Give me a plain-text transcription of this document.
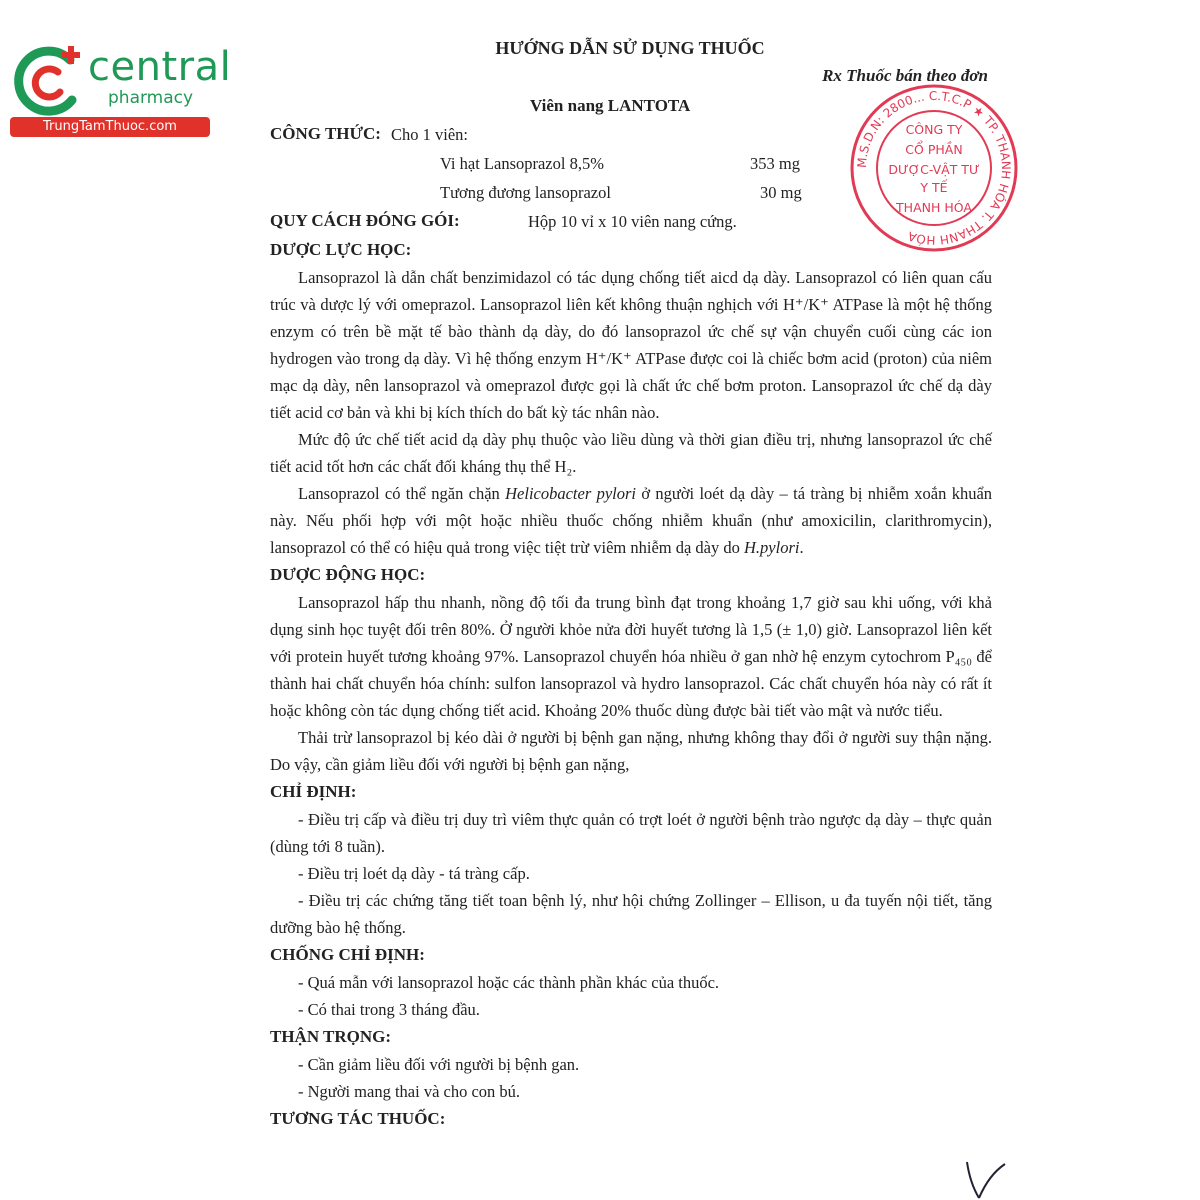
central
pharmacy
TrungTamThuoc.com
HƯỚNG DẪN SỬ DỤNG THUỐC
Rx Thuốc bán theo đơn
Viên nang LANTOTA
M.S.D.N: 2800... C.T.C.P ★ TP. THANH HÓA T. THANH HÓA
CÔNG TY
CỔ PHẦN
DƯỢC-VẬT TƯ
Y TẾ
THANH HÓA
CÔNG THỨC: Cho 1 viên:
Vi hạt Lansoprazol 8,5%	353 mg
Tương đương lansoprazol	30 mg
QUY CÁCH ĐÓNG GÓI:	Hộp 10 vỉ x 10 viên nang cứng.
DƯỢC LỰC HỌC:

Lansoprazol là dẫn chất benzimidazol có tác dụng chống tiết aicd dạ dày. Lansoprazol có liên quan cấu trúc và dược lý với omeprazol. Lansoprazol liên kết không thuận nghịch với H⁺/K⁺ ATPase là một hệ thống enzym có trên bề mặt tế bào thành dạ dày, do đó lansoprazol ức chế sự vận chuyển cuối cùng các ion hydrogen vào trong dạ dày. Vì hệ thống enzym H⁺/K⁺ ATPase được coi là chiếc bơm acid (proton) của niêm mạc dạ dày, nên lansoprazol và omeprazol được gọi là chất ức chế bơm proton. Lansoprazol ức chế dạ dày tiết acid cơ bản và khi bị kích thích do bất kỳ tác nhân nào.

Mức độ ức chế tiết acid dạ dày phụ thuộc vào liều dùng và thời gian điều trị, nhưng lansoprazol ức chế tiết acid tốt hơn các chất đối kháng thụ thể H₂.

Lansoprazol có thể ngăn chặn Helicobacter pylori ở người loét dạ dày – tá tràng bị nhiễm xoắn khuẩn này. Nếu phối hợp với một hoặc nhiều thuốc chống nhiễm khuẩn (như amoxicilin, clarithromycin), lansoprazol có thể có hiệu quả trong việc tiệt trừ viêm nhiễm dạ dày do H.pylori.

DƯỢC ĐỘNG HỌC:

Lansoprazol hấp thu nhanh, nồng độ tối đa trung bình đạt trong khoảng 1,7 giờ sau khi uống, với khả dụng sinh học tuyệt đối trên 80%. Ở người khỏe nửa đời huyết tương là 1,5 (± 1,0) giờ. Lansoprazol liên kết với protein huyết tương khoảng 97%. Lansoprazol chuyển hóa nhiều ở gan nhờ hệ enzym cytochrom P₄₅₀ để thành hai chất chuyển hóa chính: sulfon lansoprazol và hydro lansoprazol. Các chất chuyển hóa này có rất ít hoặc không còn tác dụng chống tiết acid. Khoảng 20% thuốc dùng được bài tiết vào mật và nước tiểu.

Thải trừ lansoprazol bị kéo dài ở người bị bệnh gan nặng, nhưng không thay đổi ở người suy thận nặng. Do vậy, cần giảm liều đối với người bị bệnh gan nặng,

CHỈ ĐỊNH:

- Điều trị cấp và điều trị duy trì viêm thực quản có trợt loét ở người bệnh trào ngược dạ dày – thực quản (dùng tới 8 tuần).

- Điều trị loét dạ dày - tá tràng cấp.

- Điều trị các chứng tăng tiết toan bệnh lý, như hội chứng Zollinger – Ellison, u đa tuyến nội tiết, tăng dưỡng bào hệ thống.

CHỐNG CHỈ ĐỊNH:

- Quá mẫn với lansoprazol hoặc các thành phần khác của thuốc.

- Có thai trong 3 tháng đầu.

THẬN TRỌNG:

- Cần giảm liều đối với người bị bệnh gan.

- Người mang thai và cho con bú.

TƯƠNG TÁC THUỐC:
